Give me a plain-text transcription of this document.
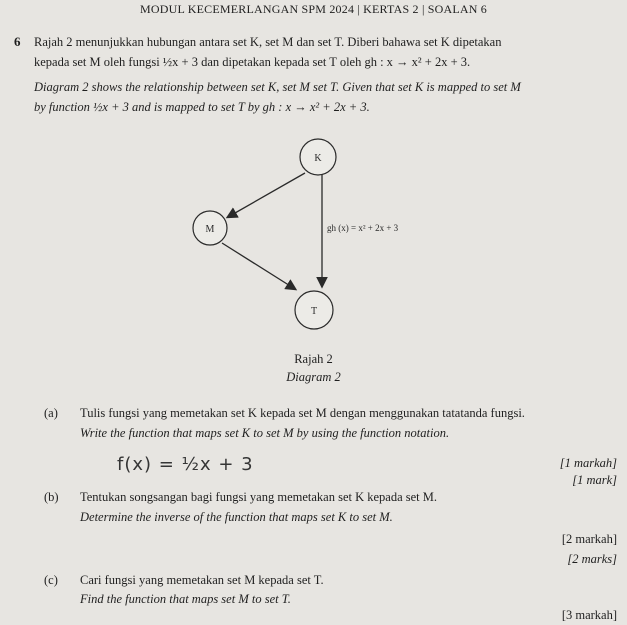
MODUL KECEMERLANGAN SPM 2024 | KERTAS 2 | SOALAN 6
6 Rajah 2 menunjukkan hubungan antara set K, set M dan set T. Diberi bahawa set K dipetakan
kepada set M oleh fungsi ½x + 3 dan dipetakan kepada set T oleh gh : x → x² + 2x + 3.
Diagram 2 shows the relationship between set K, set M set T. Given that set K is mapped to set M
by function ½x + 3 and is mapped to set T by gh : x → x² + 2x + 3.
K
M
T
gh (x) = x² + 2x + 3
Rajah 2
Diagram 2
(a) Tulis fungsi yang memetakan set K kepada set M dengan menggunakan tatatanda fungsi.
Write the function that maps set K to set M by using the function notation.
f(x) = ½x + 3	[1 markah]
[1 mark]
(b) Tentukan songsangan bagi fungsi yang memetakan set K kepada set M.
Determine the inverse of the function that maps set K to set M.
[2 markah]
[2 marks]
(c) Cari fungsi yang memetakan set M kepada set T.
Find the function that maps set M to set T.
[3 markah]
